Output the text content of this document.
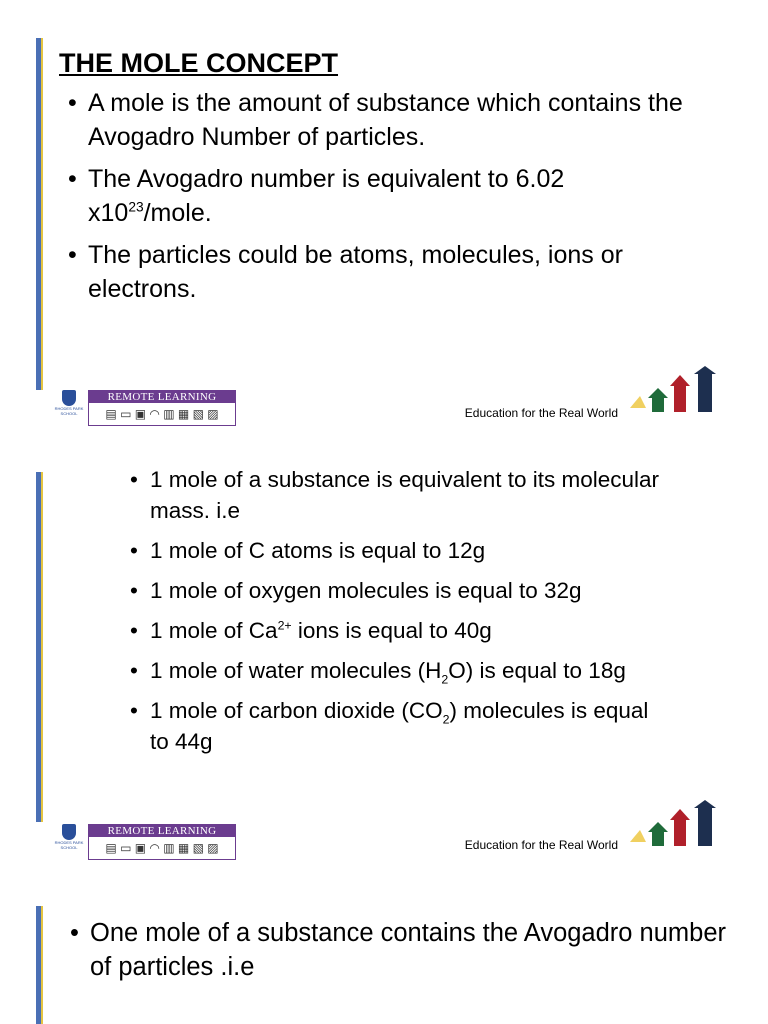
THE MOLE CONCEPT
• A mole is the amount of substance which contains the Avogadro Number of particles.
• The Avogadro number is equivalent to 6.02 $x10^{23}$/mole.
• The particles could be atoms, molecules, ions or electrons.
RHODES PARK SCHOOL
REMOTE LEARNING
▤ ▭ ▣ ◠ ▥ ▦ ▧ ▨	Education for the Real World
• 1 mole of a substance is equivalent to its molecular mass. i.e
• 1 mole of C atoms is equal to 12g
• 1 mole of oxygen molecules is equal to 32g
• 1 mole of $Ca^{2+}$ ions is equal to 40g
• 1 mole of water molecules $(H_2O)$ is equal to 18g
• 1 mole of carbon dioxide $(CO_2)$ molecules is equal to 44g
RHODES PARK SCHOOL
REMOTE LEARNING
▤ ▭ ▣ ◠ ▥ ▦ ▧ ▨	Education for the Real World
• One mole of a substance contains the Avogadro number of particles .i.e
